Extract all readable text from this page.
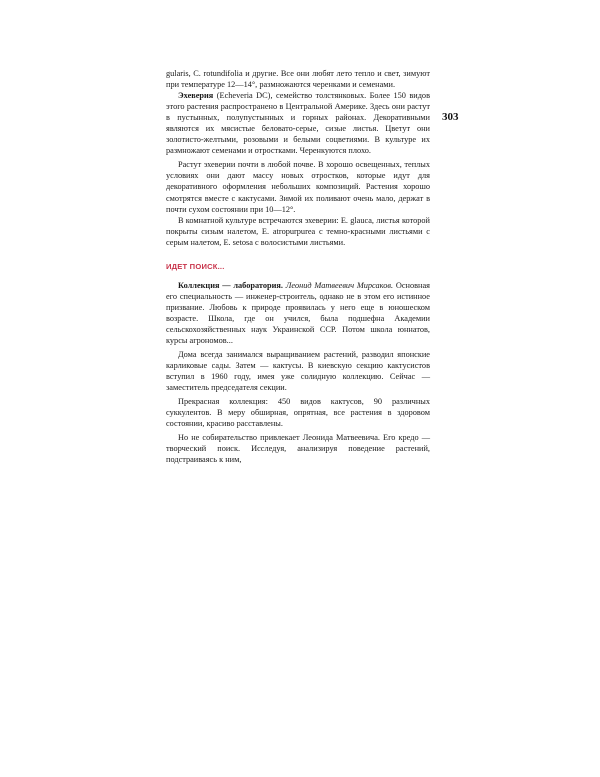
303

gularis, C. rotundifolia и другие. Все они любят лето тепло и свет, зимуют при температуре 12—14°, размножаются черенками и семенами.

Эхеверия (Echeveria DC), семейство толстянковых. Более 150 видов этого растения распространено в Центральной Америке. Здесь они растут в пустынных, полупустынных и горных районах. Декоративными являются их мясистые беловато-серые, сизые листья. Цветут они золотисто-желтыми, розовыми и белыми соцветиями. В культуре их размножают семенами и отростками. Черенкуются плохо.

Растут эхеверии почти в любой почве. В хорошо освещенных, теплых условиях они дают массу новых отростков, которые идут для декоративного оформления небольших композиций. Растения хорошо смотрятся вместе с кактусами. Зимой их поливают очень мало, держат в почти сухом состоянии при 10—12°.

В комнатной культуре встречаются эхеверии: E. glauca, листья которой покрыты сизым налетом, E. atropurpurea с темно-красными листьями с серым налетом, E. setosa с волосистыми листьями.

ИДЕТ ПОИСК...

Коллекция — лаборатория. Леонид Матвеевич Мирсаков. Основная его специальность — инженер-строитель, однако не в этом его истинное призвание. Любовь к природе проявилась у него еще в юношеском возрасте. Школа, где он учился, была подшефна Академии сельскохозяйственных наук Украинской ССР. Потом школа юннатов, курсы агрономов...

Дома всегда занимался выращиванием растений, разводил японские карликовые сады. Затем — кактусы. В киевскую секцию кактусистов вступил в 1960 году, имея уже солидную коллекцию. Сейчас — заместитель председателя секции.

Прекрасная коллекция: 450 видов кактусов, 90 различных суккулентов. В меру обширная, опрятная, все растения в здоровом состоянии, красиво расставлены.

Но не собирательство привлекает Леонида Матвеевича. Его кредо — творческий поиск. Исследуя, анализируя поведение растений, подстраиваясь к ним,
